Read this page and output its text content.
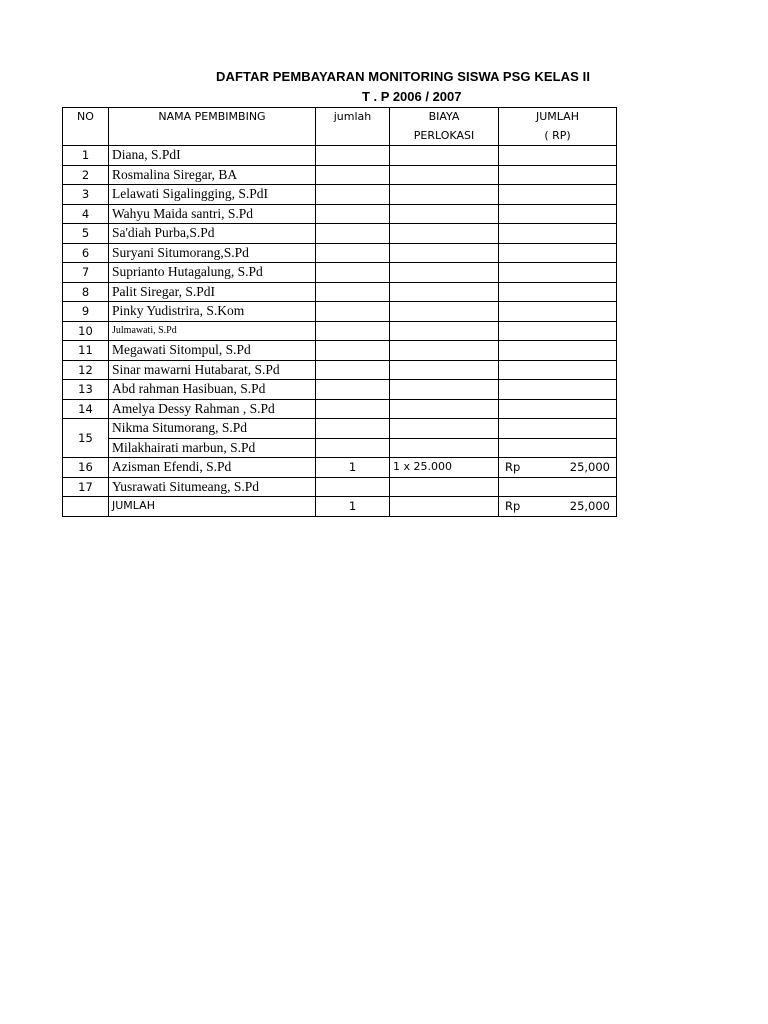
DAFTAR PEMBAYARAN MONITORING SISWA PSG KELAS II
T . P 2006 / 2007
NO	NAMA PEMBIMBING	jumlah	BIAYA	JUMLAH
			PERLOKASI	( RP)
1	Diana, S.PdI			
2	Rosmalina Siregar, BA			
3	Lelawati Sigalingging, S.PdI			
4	Wahyu Maida santri, S.Pd			
5	Sa'diah Purba,S.Pd			
6	Suryani Situmorang,S.Pd			
7	Suprianto Hutagalung, S.Pd			
8	Palit Siregar, S.PdI			
9	Pinky Yudistrira, S.Kom			
10	Julmawati, S.Pd			
11	Megawati Sitompul, S.Pd			
12	Sinar mawarni Hutabarat, S.Pd			
13	Abd rahman Hasibuan, S.Pd			
14	Amelya Dessy Rahman , S.Pd			
15	Nikma Situmorang, S.Pd			
	Milakhairati marbun, S.Pd			
16	Azisman Efendi, S.Pd	1	1 x 25.000	Rp 25,000

17	Yusrawati Situmeang, S.Pd			
	JUMLAH	1		Rp 25,000
